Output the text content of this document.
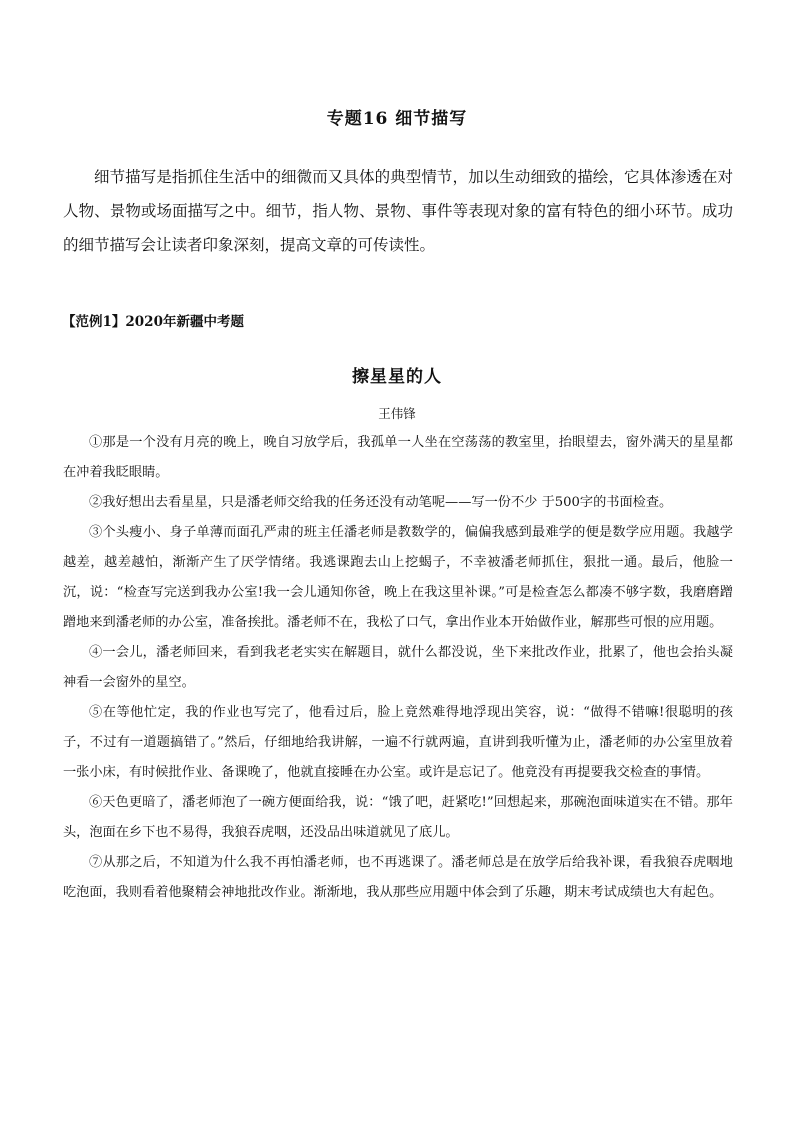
专题16 细节描写

细节描写是指抓住生活中的细微而又具体的典型情节，加以生动细致的描绘，它具体渗透在对人物、景物或场面描写之中。细节，指人物、景物、事件等表现对象的富有特色的细小环节。成功的细节描写会让读者印象深刻，提高文章的可传读性。

【范例1】2020年新疆中考题

擦星星的人

王伟锋

①那是一个没有月亮的晚上，晚自习放学后，我孤单一人坐在空荡荡的教室里，抬眼望去，窗外满天的星星都在冲着我眨眼睛。

②我好想出去看星星，只是潘老师交给我的任务还没有动笔呢——写一份不少 于500字的书面检查。

③个头瘦小、身子单薄而面孔严肃的班主任潘老师是教数学的，偏偏我感到最难学的便是数学应用题。我越学越差，越差越怕，渐渐产生了厌学情绪。我逃课跑去山上挖蝎子，不幸被潘老师抓住，狠批一通。最后，他脸一沉，说：“检查写完送到我办公室!我一会儿通知你爸，晚上在我这里补课。”可是检查怎么都凑不够字数，我磨磨蹭蹭地来到潘老师的办公室，准备挨批。潘老师不在，我松了口气，拿出作业本开始做作业，解那些可恨的应用题。

④一会儿，潘老师回来，看到我老老实实在解题目，就什么都没说，坐下来批改作业，批累了，他也会抬头凝神看一会窗外的星空。

⑤在等他忙定，我的作业也写完了，他看过后，脸上竟然难得地浮现出笑容，说：“做得不错嘛!很聪明的孩子，不过有一道题搞错了。”然后，仔细地给我讲解，一遍不行就两遍，直讲到我听懂为止，潘老师的办公室里放着一张小床，有时候批作业、备课晚了，他就直接睡在办公室。或许是忘记了。他竟没有再提要我交检查的事情。

⑥天色更暗了，潘老师泡了一碗方便面给我，说：“饿了吧，赶紧吃!”回想起来，那碗泡面味道实在不错。那年头，泡面在乡下也不易得，我狼吞虎咽，还没品出味道就见了底儿。

⑦从那之后，不知道为什么我不再怕潘老师，也不再逃课了。潘老师总是在放学后给我补课，看我狼吞虎咽地吃泡面，我则看着他聚精会神地批改作业。渐渐地，我从那些应用题中体会到了乐趣，期末考试成绩也大有起色。
